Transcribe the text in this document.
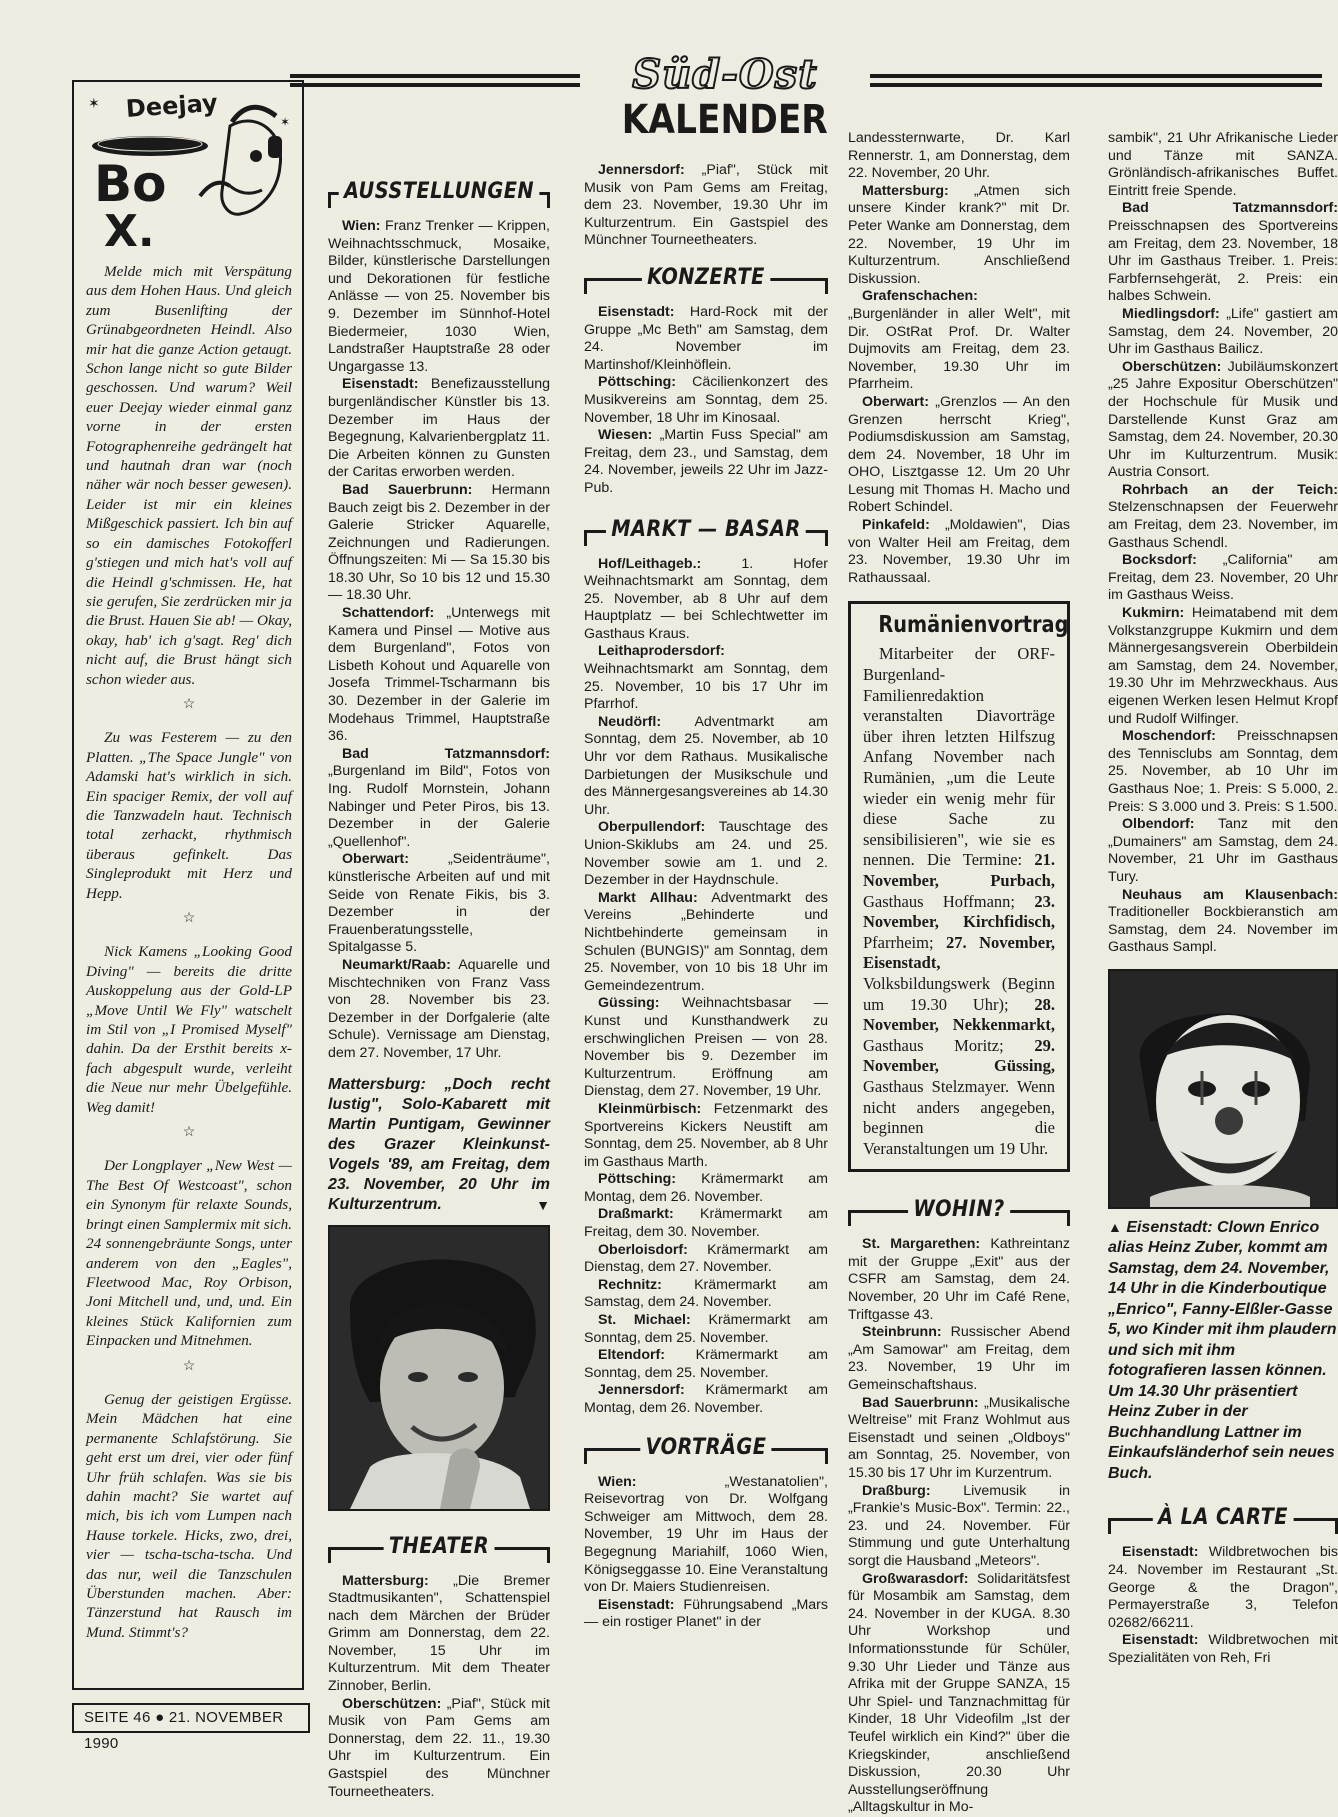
✶
✶
Deejay
Bo
X.

Melde mich mit Verspätung aus dem Hohen Haus. Und gleich zum Busenlifting der Grünabgeordneten Heindl. Also mir hat die ganze Action getaugt. Schon lange nicht so gute Bilder geschossen. Und warum? Weil euer Deejay wieder einmal ganz vorne in der ersten Fotographenreihe gedrängelt hat und hautnah dran war (noch näher wär noch besser gewesen). Leider ist mir ein kleines Mißgeschick passiert. Ich bin auf so ein damisches Fotokofferl g'stiegen und mich hat's voll auf die Heindl g'schmissen. He, hat sie gerufen, Sie zerdrücken mir ja die Brust. Hauen Sie ab! — Okay, okay, hab' ich g'sagt. Reg' dich nicht auf, die Brust hängt sich schon wieder aus.

☆

Zu was Festerem — zu den Platten. „The Space Jungle" von Adamski hat's wirklich in sich. Ein spaciger Remix, der voll auf die Tanzwadeln haut. Technisch total zerhackt, rhythmisch überaus gefinkelt. Das Singleprodukt mit Herz und Hepp.

☆

Nick Kamens „Looking Good Diving" — bereits die dritte Auskoppelung aus der Gold-LP „Move Until We Fly" watschelt im Stil von „I Promised Myself" dahin. Da der Ersthit bereits x-fach abgespult wurde, verleiht die Neue nur mehr Übelgefühle. Weg damit!

☆

Der Longplayer „New West — The Best Of Westcoast", schon ein Synonym für relaxte Sounds, bringt einen Samplermix mit sich. 24 sonnengebräunte Songs, unter anderem von den „Eagles", Fleetwood Mac, Roy Orbison, Joni Mitchell und, und, und. Ein kleines Stück Kalifornien zum Einpacken und Mitnehmen.

☆

Genug der geistigen Ergüsse. Mein Mädchen hat eine permanente Schlafstörung. Sie geht erst um drei, vier oder fünf Uhr früh schlafen. Was sie bis dahin macht? Sie wartet auf mich, bis ich vom Lumpen nach Hause torkele. Hicks, zwo, drei, vier — tscha-tscha-tscha. Und das nur, weil die Tanzschulen Überstunden machen. Aber: Tänzerstund hat Rausch im Mund. Stimmt's?

SEITE 46 ● 21. NOVEMBER 1990
Süd-Ost
KALENDER
AUSSTELLUNGEN

Wien: Franz Trenker — Krippen, Weihnachtsschmuck, Mosaike, Bilder, künstlerische Darstellungen und Dekorationen für festliche Anlässe — von 25. November bis 9. Dezember im Sünnhof-Hotel Biedermeier, 1030 Wien, Landstraßer Hauptstraße 28 oder Ungargasse 13.

Eisenstadt: Benefizausstellung burgenländischer Künstler bis 13. Dezember im Haus der Begegnung, Kalvarienbergplatz 11. Die Arbeiten können zu Gunsten der Caritas erworben werden.

Bad Sauerbrunn: Hermann Bauch zeigt bis 2. Dezember in der Galerie Stricker Aquarelle, Zeichnungen und Radierungen. Öffnungszeiten: Mi — Sa 15.30 bis 18.30 Uhr, So 10 bis 12 und 15.30 — 18.30 Uhr.

Schattendorf: „Unterwegs mit Kamera und Pinsel — Motive aus dem Burgenland", Fotos von Lisbeth Kohout und Aquarelle von Josefa Trimmel-Tscharmann bis 30. Dezember in der Galerie im Modehaus Trimmel, Hauptstraße 36.

Bad Tatzmannsdorf: „Burgenland im Bild", Fotos von Ing. Rudolf Mornstein, Johann Nabinger und Peter Piros, bis 13. Dezember in der Galerie „Quellenhof".

Oberwart: „Seidenträume", künstlerische Arbeiten auf und mit Seide von Renate Fikis, bis 3. Dezember in der Frauenberatungsstelle, Spitalgasse 5.

Neumarkt/Raab: Aquarelle und Mischtechniken von Franz Vass von 28. November bis 23. Dezember in der Dorfgalerie (alte Schule). Vernissage am Dienstag, dem 27. November, 17 Uhr.

Mattersburg: „Doch recht lustig", Solo-Kabarett mit Martin Puntigam, Gewinner des Grazer Kleinkunst-Vogels '89, am Freitag, dem 23. November, 20 Uhr im Kulturzentrum.	▼
THEATER

Mattersburg: „Die Bremer Stadtmusikanten", Schattenspiel nach dem Märchen der Brüder Grimm am Donnerstag, dem 22. November, 15 Uhr im Kulturzentrum. Mit dem Theater Zinnober, Berlin.

Oberschützen: „Piaf", Stück mit Musik von Pam Gems am Donnerstag, dem 22. 11., 19.30 Uhr im Kulturzentrum. Ein Gastspiel des Münchner Tourneetheaters.

Jennersdorf: „Piaf", Stück mit Musik von Pam Gems am Freitag, dem 23. November, 19.30 Uhr im Kulturzentrum. Ein Gastspiel des Münchner Tourneetheaters.

KONZERTE

Eisenstadt: Hard-Rock mit der Gruppe „Mc Beth" am Samstag, dem 24. November im Martinshof/Kleinhöflein.

Pöttsching: Cäcilienkonzert des Musikvereins am Sonntag, dem 25. November, 18 Uhr im Kinosaal.

Wiesen: „Martin Fuss Special" am Freitag, dem 23., und Samstag, dem 24. November, jeweils 22 Uhr im Jazz-Pub.

MARKT — BASAR

Hof/Leithageb.: 1. Hofer Weihnachtsmarkt am Sonntag, dem 25. November, ab 8 Uhr auf dem Hauptplatz — bei Schlechtwetter im Gasthaus Kraus.

Leithaprodersdorf: Weihnachtsmarkt am Sonntag, dem 25. November, 10 bis 17 Uhr im Pfarrhof.

Neudörfl: Adventmarkt am Sonntag, dem 25. November, ab 10 Uhr vor dem Rathaus. Musikalische Darbietungen der Musikschule und des Männergesangsvereines ab 14.30 Uhr.

Oberpullendorf: Tauschtage des Union-Skiklubs am 24. und 25. November sowie am 1. und 2. Dezember in der Haydnschule.

Markt Allhau: Adventmarkt des Vereins „Behinderte und Nichtbehinderte gemeinsam in Schulen (BUNGIS)" am Sonntag, dem 25. November, von 10 bis 18 Uhr im Gemeindezentrum.

Güssing: Weihnachtsbasar — Kunst und Kunsthandwerk zu erschwinglichen Preisen — von 28. November bis 9. Dezember im Kulturzentrum. Eröffnung am Dienstag, dem 27. November, 19 Uhr.

Kleinmürbisch: Fetzenmarkt des Sportvereins Kickers Neustift am Sonntag, dem 25. November, ab 8 Uhr im Gasthaus Marth.

Pöttsching: Krämermarkt am Montag, dem 26. November.

Draßmarkt: Krämermarkt am Freitag, dem 30. November.

Oberloisdorf: Krämermarkt am Dienstag, dem 27. November.

Rechnitz: Krämermarkt am Samstag, dem 24. November.

St. Michael: Krämermarkt am Sonntag, dem 25. November.

Eltendorf: Krämermarkt am Sonntag, dem 25. November.

Jennersdorf: Krämermarkt am Montag, dem 26. November.

VORTRÄGE

Wien: „Westanatolien", Reisevortrag von Dr. Wolfgang Schweiger am Mittwoch, dem 28. November, 19 Uhr im Haus der Begegnung Mariahilf, 1060 Wien, Königseggasse 10. Eine Veranstaltung von Dr. Maiers Studienreisen.

Eisenstadt: Führungsabend „Mars — ein rostiger Planet" in der

Landessternwarte, Dr. Karl Rennerstr. 1, am Donnerstag, dem 22. November, 20 Uhr.

Mattersburg: „Atmen sich unsere Kinder krank?" mit Dr. Peter Wanke am Donnerstag, dem 22. November, 19 Uhr im Kulturzentrum. Anschließend Diskussion.

Grafenschachen: „Burgenländer in aller Welt", mit Dir. OStRat Prof. Dr. Walter Dujmovits am Freitag, dem 23. November, 19.30 Uhr im Pfarrheim.

Oberwart: „Grenzlos — An den Grenzen herrscht Krieg", Podiumsdiskussion am Samstag, dem 24. November, 18 Uhr im OHO, Lisztgasse 12. Um 20 Uhr Lesung mit Thomas H. Macho und Robert Schindel.

Pinkafeld: „Moldawien", Dias von Walter Heil am Freitag, dem 23. November, 19.30 Uhr im Rathaussaal.

Rumänienvortrag

Mitarbeiter der ORF-Burgenland-Familienredaktion veranstalten Diavorträge über ihren letzten Hilfszug Anfang November nach Rumänien, „um die Leute wieder ein wenig mehr für diese Sache zu sensibilisieren", wie sie es nennen. Die Termine: 21. November, Purbach, Gasthaus Hoffmann; 23. November, Kirchfidisch, Pfarrheim; 27. November, Eisenstadt, Volksbildungswerk (Beginn um 19.30 Uhr); 28. November, Nekkenmarkt, Gasthaus Moritz; 29. November, Güssing, Gasthaus Stelzmayer. Wenn nicht anders angegeben, beginnen die Veranstaltungen um 19 Uhr.

WOHIN?

St. Margarethen: Kathreintanz mit der Gruppe „Exit" aus der CSFR am Samstag, dem 24. November, 20 Uhr im Café Rene, Triftgasse 43.

Steinbrunn: Russischer Abend „Am Samowar" am Freitag, dem 23. November, 19 Uhr im Gemeinschaftshaus.

Bad Sauerbrunn: „Musikalische Weltreise" mit Franz Wohlmut aus Eisenstadt und seinen „Oldboys" am Sonntag, 25. November, von 15.30 bis 17 Uhr im Kurzentrum.

Draßburg: Livemusik in „Frankie's Music-Box". Termin: 22., 23. und 24. November. Für Stimmung und gute Unterhaltung sorgt die Hausband „Meteors".

Großwarasdorf: Solidaritätsfest für Mosambik am Samstag, dem 24. November in der KUGA. 8.30 Uhr Workshop und Informationsstunde für Schüler, 9.30 Uhr Lieder und Tänze aus Afrika mit der Gruppe SANZA, 15 Uhr Spiel- und Tanznachmittag für Kinder, 18 Uhr Videofilm „Ist der Teufel wirklich ein Kind?" über die Kriegskinder, anschließend Diskussion, 20.30 Uhr Ausstellungseröffnung „Alltagskultur in Mo-

sambik", 21 Uhr Afrikanische Lieder und Tänze mit SANZA. Grönländisch-afrikanisches Buffet. Eintritt freie Spende.

Bad Tatzmannsdorf: Preisschnapsen des Sportvereins am Freitag, dem 23. November, 18 Uhr im Gasthaus Treiber. 1. Preis: Farbfernsehgerät, 2. Preis: ein halbes Schwein.

Miedlingsdorf: „Life" gastiert am Samstag, dem 24. November, 20 Uhr im Gasthaus Bailicz.

Oberschützen: Jubiläumskonzert „25 Jahre Expositur Oberschützen" der Hochschule für Musik und Darstellende Kunst Graz am Samstag, dem 24. November, 20.30 Uhr im Kulturzentrum. Musik: Austria Consort.

Rohrbach an der Teich: Stelzenschnapsen der Feuerwehr am Freitag, dem 23. November, im Gasthaus Schendl.

Bocksdorf: „California" am Freitag, dem 23. November, 20 Uhr im Gasthaus Weiss.

Kukmirn: Heimatabend mit dem Volkstanzgruppe Kukmirn und dem Männergesangsverein Oberbildein am Samstag, dem 24. November, 19.30 Uhr im Mehrzweckhaus. Aus eigenen Werken lesen Helmut Kropf und Rudolf Wilfinger.

Moschendorf: Preisschnapsen des Tennisclubs am Sonntag, dem 25. November, ab 10 Uhr im Gasthaus Noe; 1. Preis: S 5.000, 2. Preis: S 3.000 und 3. Preis: S 1.500.

Olbendorf: Tanz mit den „Dumainers" am Samstag, dem 24. November, 21 Uhr im Gasthaus Tury.

Neuhaus am Klausenbach: Traditioneller Bockbieranstich am Samstag, dem 24. November im Gasthaus Sampl.

▲ Eisenstadt: Clown Enrico alias Heinz Zuber, kommt am Samstag, dem 24. November, 14 Uhr in die Kinderboutique „Enrico", Fanny-Elßler-Gasse 5, wo Kinder mit ihm plaudern und sich mit ihm fotografieren lassen können. Um 14.30 Uhr präsentiert Heinz Zuber in der Buchhandlung Lattner im Einkaufsländerhof sein neues Buch.
À LA CARTE

Eisenstadt: Wildbretwochen bis 24. November im Restaurant „St. George & the Dragon", Permayerstraße 3, Telefon 02682/66211.

Eisenstadt: Wildbretwochen mit Spezialitäten von Reh, Fri
